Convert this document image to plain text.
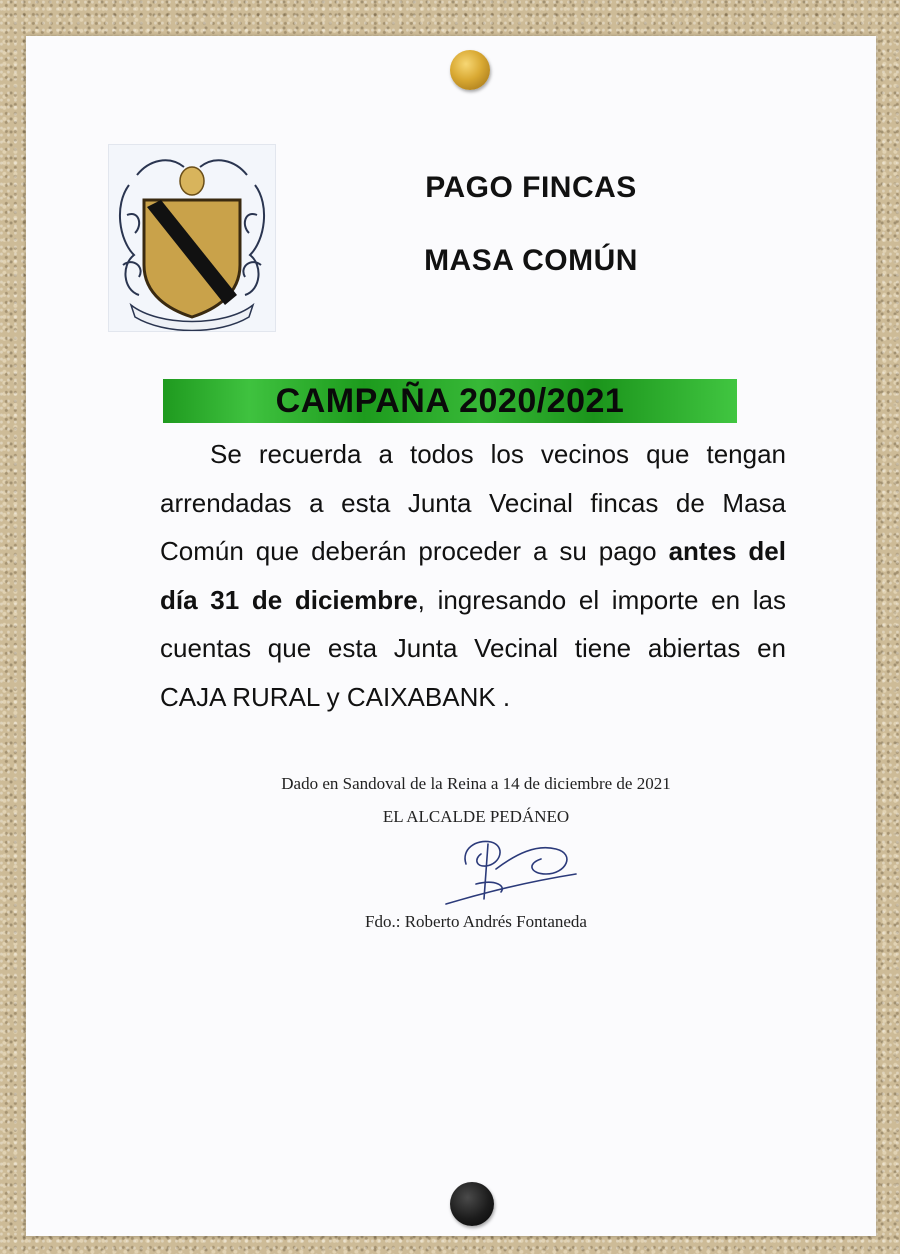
PAGO FINCAS
MASA COMÚN
CAMPAÑA 2020/2021
Se recuerda a todos los vecinos que tengan arrendadas a esta Junta Vecinal fincas de Masa Común que deberán proceder a su pago antes del día 31 de diciembre, ingresando el importe en las cuentas que esta Junta Vecinal tiene abiertas en CAJA RURAL y CAIXABANK .
Dado en Sandoval de la Reina a 14 de diciembre de 2021
EL ALCALDE PEDÁNEO
Fdo.: Roberto Andrés Fontaneda
